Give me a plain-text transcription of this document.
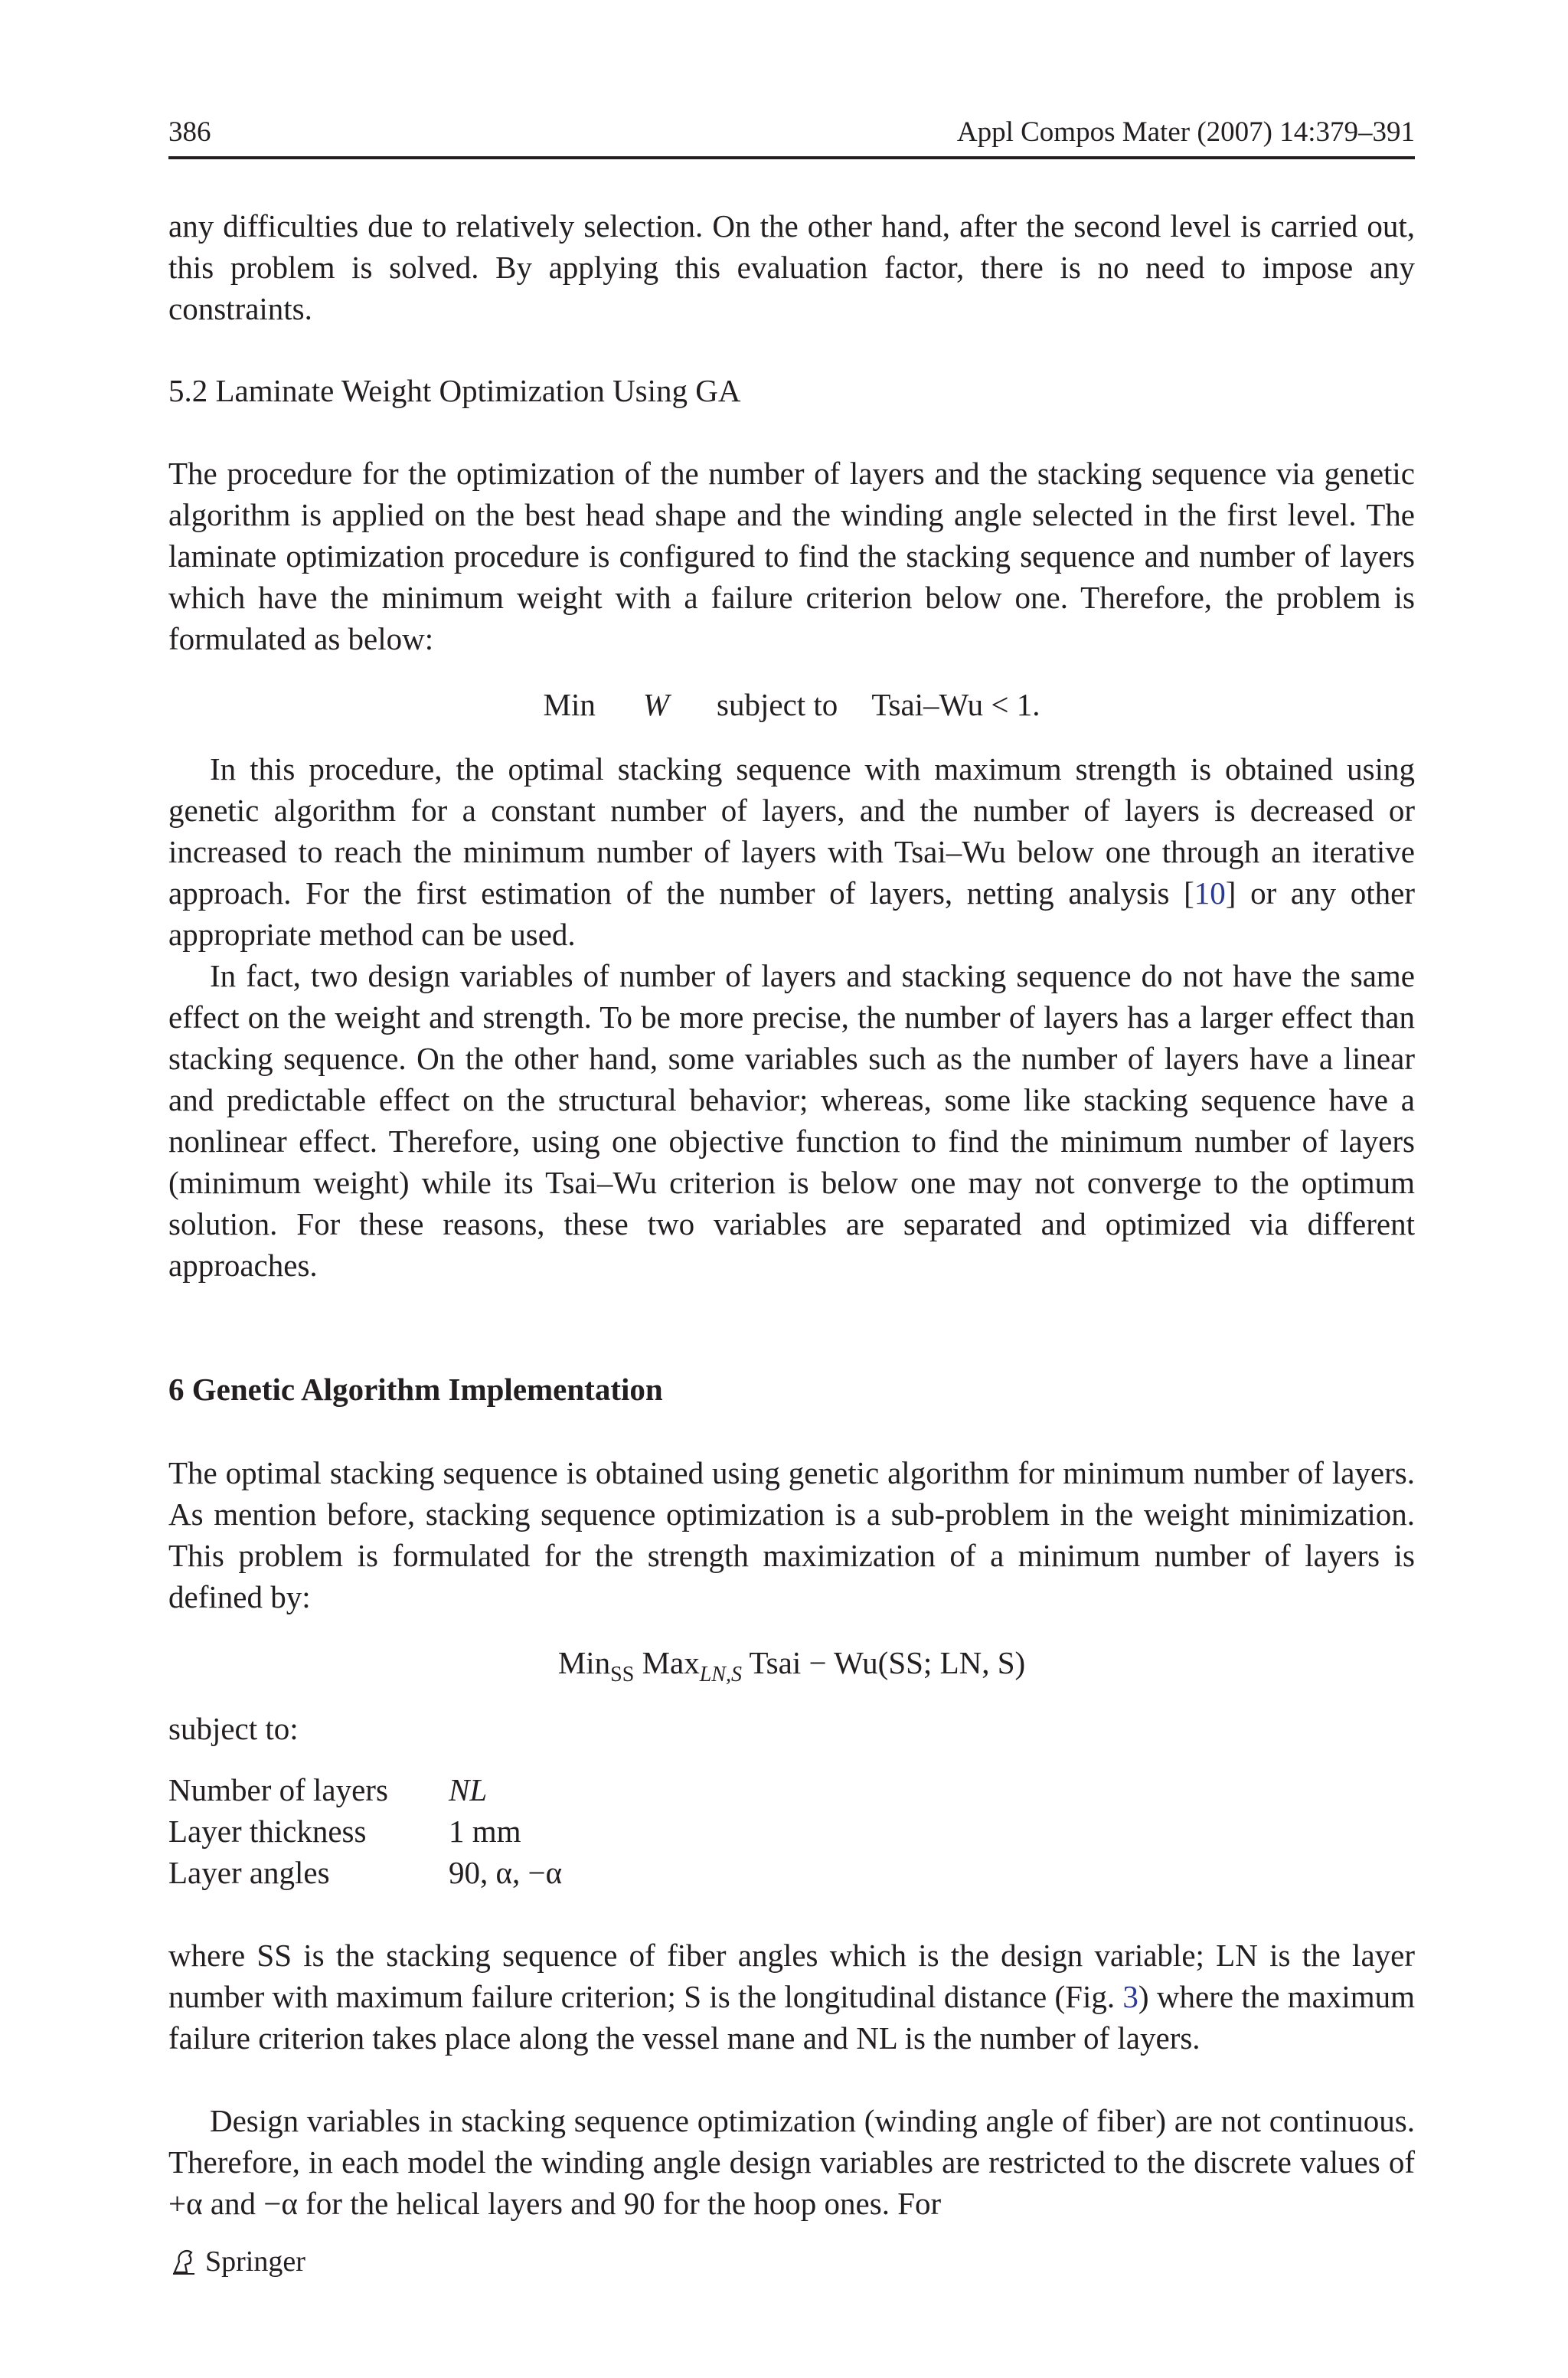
386	Appl Compos Mater (2007) 14:379–391

any difficulties due to relatively selection. On the other hand, after the second level is carried out, this problem is solved. By applying this evaluation factor, there is no need to impose any constraints.

5.2 Laminate Weight Optimization Using GA

The procedure for the optimization of the number of layers and the stacking sequence via genetic algorithm is applied on the best head shape and the winding angle selected in the first level. The laminate optimization procedure is configured to find the stacking sequence and number of layers which have the minimum weight with a failure criterion below one. Therefore, the problem is formulated as below:

Min W subject to Tsai–Wu < 1.

In this procedure, the optimal stacking sequence with maximum strength is obtained using genetic algorithm for a constant number of layers, and the number of layers is decreased or increased to reach the minimum number of layers with Tsai–Wu below one through an iterative approach. For the first estimation of the number of layers, netting analysis [10] or any other appropriate method can be used.

In fact, two design variables of number of layers and stacking sequence do not have the same effect on the weight and strength. To be more precise, the number of layers has a larger effect than stacking sequence. On the other hand, some variables such as the number of layers have a linear and predictable effect on the structural behavior; whereas, some like stacking sequence have a nonlinear effect. Therefore, using one objective function to find the minimum number of layers (minimum weight) while its Tsai–Wu criterion is below one may not converge to the optimum solution. For these reasons, these two variables are separated and optimized via different approaches.

6 Genetic Algorithm Implementation

The optimal stacking sequence is obtained using genetic algorithm for minimum number of layers. As mention before, stacking sequence optimization is a sub-problem in the weight minimization. This problem is formulated for the strength maximization of a minimum number of layers is defined by:

Min$_{SS}$ Max$_{LN,S}$ Tsai − Wu(SS; LN, S)

subject to:

Number of layers	NL
Layer thickness	1 mm
Layer angles	90, α, −α

where SS is the stacking sequence of fiber angles which is the design variable; LN is the layer number with maximum failure criterion; S is the longitudinal distance (Fig. 3) where the maximum failure criterion takes place along the vessel mane and NL is the number of layers.

Design variables in stacking sequence optimization (winding angle of fiber) are not continuous. Therefore, in each model the winding angle design variables are restricted to the discrete values of +α and −α for the helical layers and 90 for the hoop ones. For

Springer
